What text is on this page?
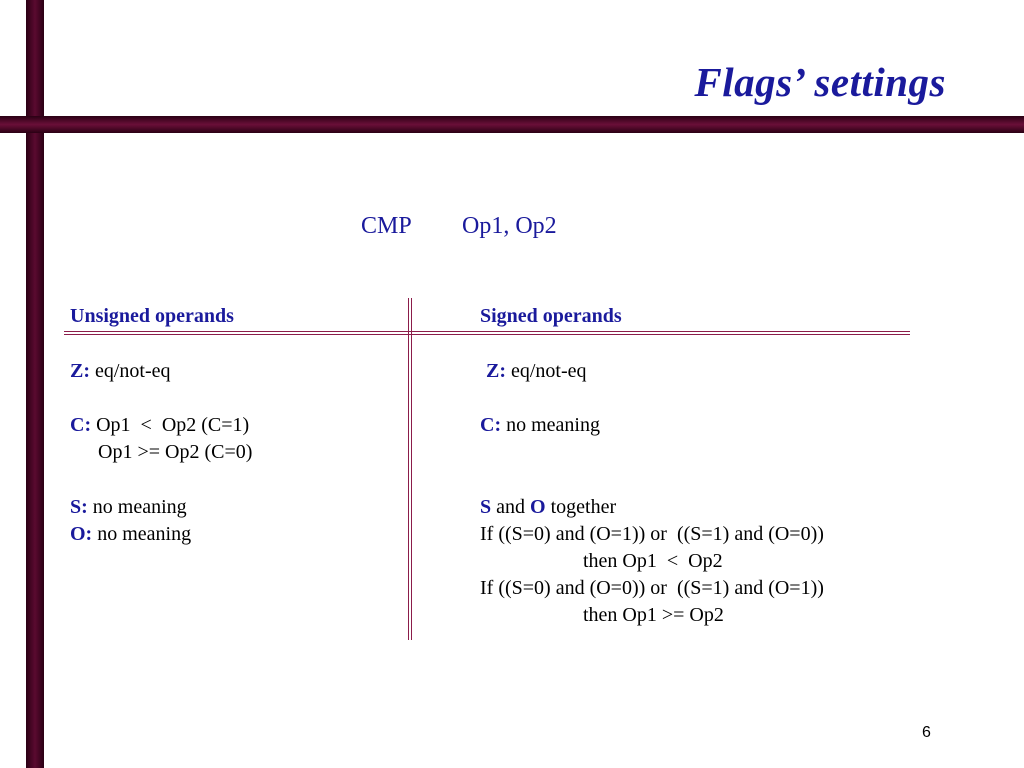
Flags’ settings
CMP Op1, Op2
Unsigned operands
Z: eq/not-eq
C: Op1  <  Op2 (C=1)
Op1 >= Op2 (C=0)
S: no meaning
O: no meaning
Signed operands
Z: eq/not-eq
C: no meaning
S and O together
If ((S=0) and (O=1)) or  ((S=1) and (O=0))
then Op1  <  Op2
If ((S=0) and (O=0)) or  ((S=1) and (O=1))
then Op1 >= Op2
6
